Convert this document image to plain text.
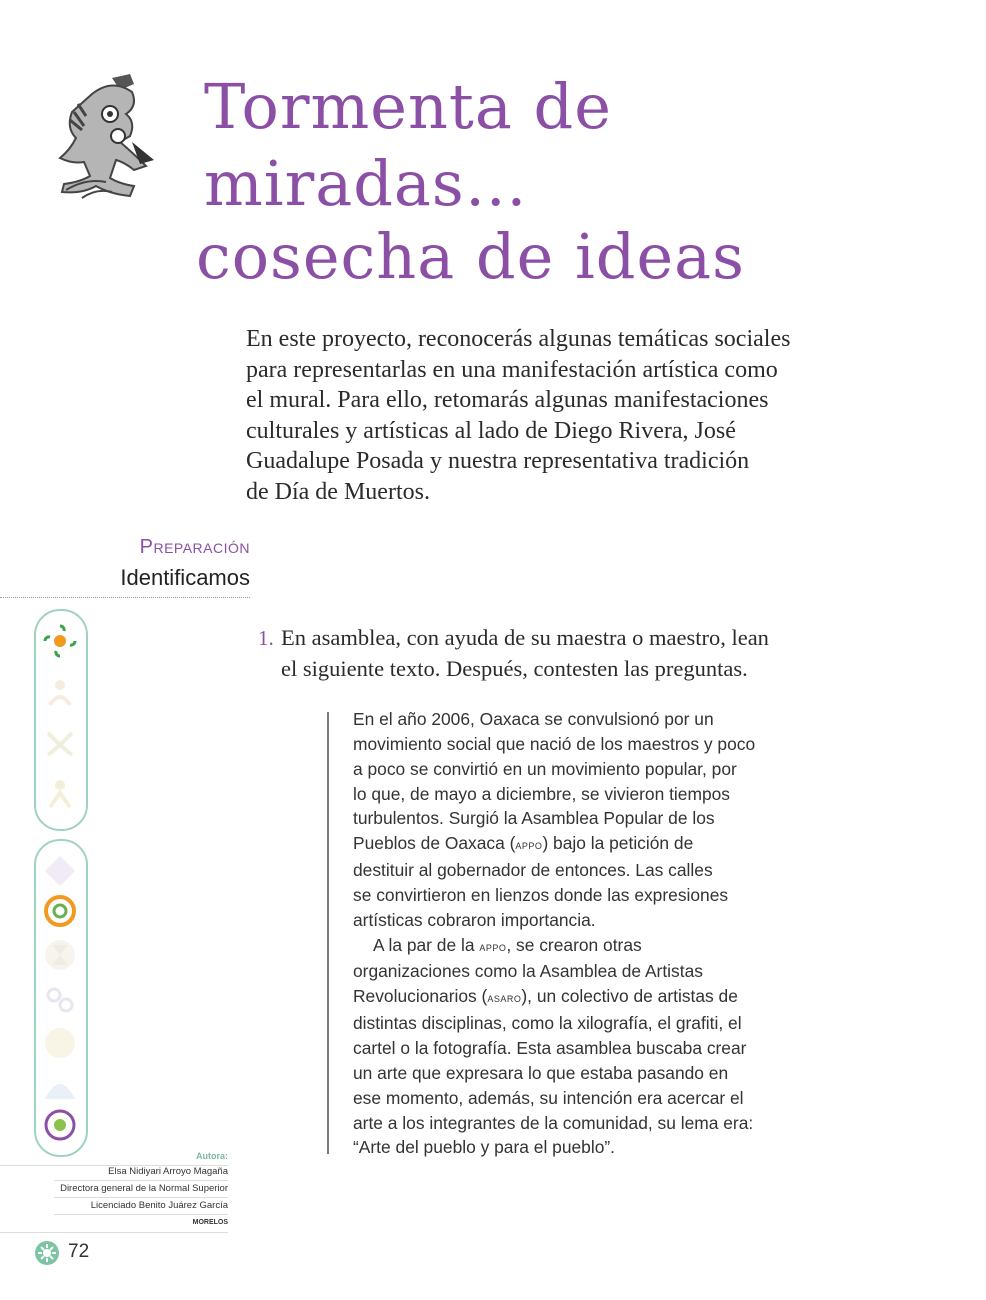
Tormenta de
miradas…
cosecha de ideas
En este proyecto, reconocerás algunas temáticas sociales
para representarlas en una manifestación artística como
el mural. Para ello, retomarás algunas manifestaciones
culturales y artísticas al lado de Diego Rivera, José
Guadalupe Posada y nuestra representativa tradición
de Día de Muertos.
Preparación
Identificamos
1. En asamblea, con ayuda de su maestra o maestro, lean
el siguiente texto. Después, contesten las preguntas.
En el año 2006, Oaxaca se convulsionó por un
movimiento social que nació de los maestros y poco
a poco se convirtió en un movimiento popular, por
lo que, de mayo a diciembre, se vivieron tiempos
turbulentos. Surgió la Asamblea Popular de los
Pueblos de Oaxaca (appo) bajo la petición de
destituir al gobernador de entonces. Las calles
se convirtieron en lienzos donde las expresiones
artísticas cobraron importancia.
A la par de la appo, se crearon otras
organizaciones como la Asamblea de Artistas
Revolucionarios (asaro), un colectivo de artistas de
distintas disciplinas, como la xilografía, el grafiti, el
cartel o la fotografía. Esta asamblea buscaba crear
un arte que expresara lo que estaba pasando en
ese momento, además, su intención era acercar el
arte a los integrantes de la comunidad, su lema era:
“Arte del pueblo y para el pueblo”.
Autora:
Elsa Nidiyari Arroyo Magaña
Directora general de la Normal Superior
Licenciado Benito Juárez García
MORELOS
72
